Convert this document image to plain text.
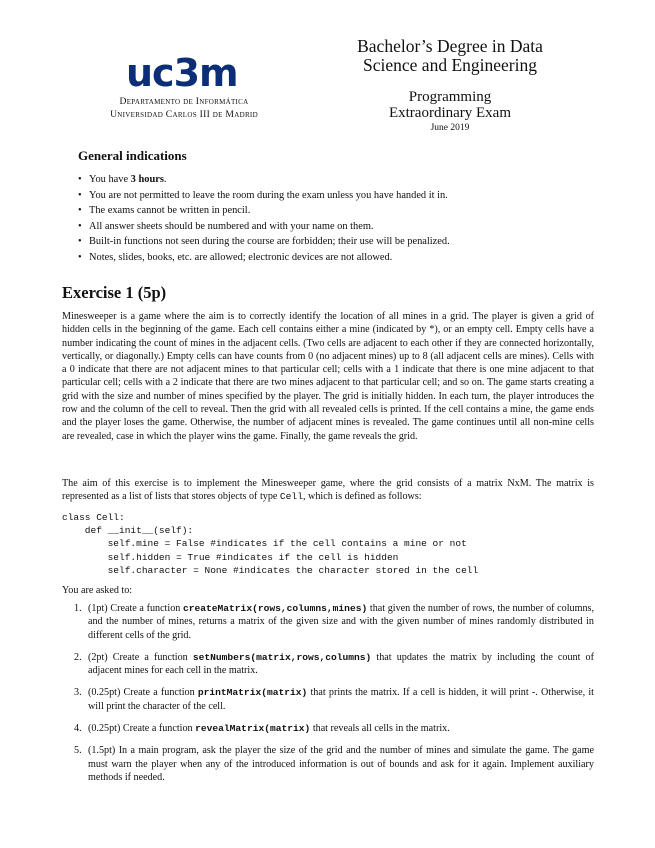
uc3m
Departamento de Informática
Universidad Carlos III de Madrid
Bachelor’s Degree in Data
Science and Engineering
Programming
Extraordinary Exam
June 2019
General indications
• You have 3 hours.
• You are not permitted to leave the room during the exam unless you have handed it in.
• The exams cannot be written in pencil.
• All answer sheets should be numbered and with your name on them.
• Built-in functions not seen during the course are forbidden; their use will be penalized.
• Notes, slides, books, etc. are allowed; electronic devices are not allowed.
Exercise 1 (5p)

Minesweeper is a game where the aim is to correctly identify the location of all mines in a grid. The player is given a grid of hidden cells in the beginning of the game. Each cell contains either a mine (indicated by *), or an empty cell. Empty cells have a number indicating the count of mines in the adjacent cells. (Two cells are adjacent to each other if they are connected horizontally, vertically, or diagonally.) Empty cells can have counts from 0 (no adjacent mines) up to 8 (all adjacent cells are mines). Cells with a 0 indicate that there are not adjacent mines to that particular cell; cells with a 1 indicate that there is one mine adjacent to that particular cell; cells with a 2 indicate that there are two mines adjacent to that particular cell; and so on. The game starts creating a grid with the size and number of mines specified by the player. The grid is initially hidden. In each turn, the player introduces the row and the column of the cell to reveal. Then the grid with all revealed cells is printed. If the cell contains a mine, the game ends and the player loses the game. Otherwise, the number of adjacent mines is revealed. The game continues until all non-mine cells are revealed, case in which the player wins the game. Finally, the game reveals the grid.

The aim of this exercise is to implement the Minesweeper game, where the grid consists of a matrix NxM. The matrix is represented as a list of lists that stores objects of type Cell, which is defined as follows:

class Cell:
def __init__(self):
self.mine = False #indicates if the cell contains a mine or not
self.hidden = True #indicates if the cell is hidden
self.character = None #indicates the character stored in the cell
You are asked to:
1. (1pt) Create a function createMatrix(rows,columns,mines) that given the number of rows, the number of columns, and the number of mines, returns a matrix of the given size and with the given number of mines randomly distributed in different cells of the grid.
2. (2pt) Create a function setNumbers(matrix,rows,columns) that updates the matrix by including the count of adjacent mines for each cell in the matrix.
3. (0.25pt) Create a function printMatrix(matrix) that prints the matrix. If a cell is hidden, it will print -. Otherwise, it will print the character of the cell.
4. (0.25pt) Create a function revealMatrix(matrix) that reveals all cells in the matrix.
5. (1.5pt) In a main program, ask the player the size of the grid and the number of mines and simulate the game. The game must warn the player when any of the introduced information is out of bounds and ask for it again. Implement auxiliary methods if needed.
